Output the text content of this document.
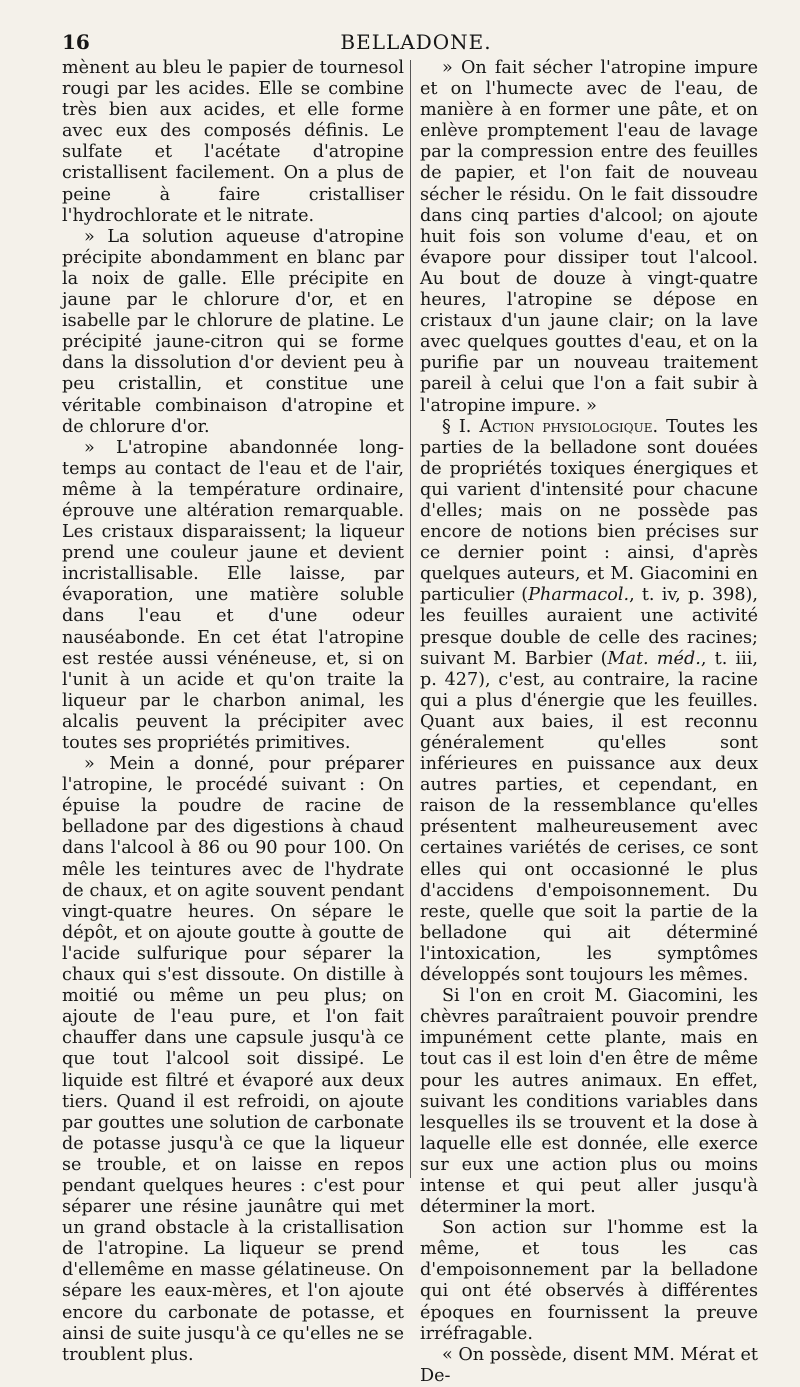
16	BELLADONE.

mènent au bleu le papier de tournesol rougi par les acides. Elle se combine très bien aux acides, et elle forme avec eux des composés définis. Le sulfate et l'acétate d'atropine cristallisent facilement. On a plus de peine à faire cristalliser l'hydrochlorate et le nitrate.

» La solution aqueuse d'atropine précipite abondamment en blanc par la noix de galle. Elle précipite en jaune par le chlorure d'or, et en isabelle par le chlorure de platine. Le précipité jaune-citron qui se forme dans la dissolution d'or devient peu à peu cristallin, et constitue une véritable combinaison d'atropine et de chlorure d'or.

» L'atropine abandonnée long-temps au contact de l'eau et de l'air, même à la température ordinaire, éprouve une altération remarquable. Les cristaux disparaissent; la liqueur prend une couleur jaune et devient incristallisable. Elle laisse, par évaporation, une matière soluble dans l'eau et d'une odeur nauséabonde. En cet état l'atropine est restée aussi vénéneuse, et, si on l'unit à un acide et qu'on traite la liqueur par le charbon animal, les alcalis peuvent la précipiter avec toutes ses propriétés primitives.

» Mein a donné, pour préparer l'atropine, le procédé suivant : On épuise la poudre de racine de belladone par des digestions à chaud dans l'alcool à 86 ou 90 pour 100. On mêle les teintures avec de l'hydrate de chaux, et on agite souvent pendant vingt-quatre heures. On sépare le dépôt, et on ajoute goutte à goutte de l'acide sulfurique pour séparer la chaux qui s'est dissoute. On distille à moitié ou même un peu plus; on ajoute de l'eau pure, et l'on fait chauffer dans une capsule jusqu'à ce que tout l'alcool soit dissipé. Le liquide est filtré et évaporé aux deux tiers. Quand il est refroidi, on ajoute par gouttes une solution de carbonate de potasse jusqu'à ce que la liqueur se trouble, et on laisse en repos pendant quelques heures : c'est pour séparer une résine jaunâtre qui met un grand obstacle à la cristallisation de l'atropine. La liqueur se prend d'ellemême en masse gélatineuse. On sépare les eaux-mères, et l'on ajoute encore du carbonate de potasse, et ainsi de suite jusqu'à ce qu'elles ne se troublent plus.

» On fait sécher l'atropine impure et on l'humecte avec de l'eau, de manière à en former une pâte, et on enlève promptement l'eau de lavage par la compression entre des feuilles de papier, et l'on fait de nouveau sécher le résidu. On le fait dissoudre dans cinq parties d'alcool; on ajoute huit fois son volume d'eau, et on évapore pour dissiper tout l'alcool. Au bout de douze à vingt-quatre heures, l'atropine se dépose en cristaux d'un jaune clair; on la lave avec quelques gouttes d'eau, et on la purifie par un nouveau traitement pareil à celui que l'on a fait subir à l'atropine impure. »

§ I. Action physiologique. Toutes les parties de la belladone sont douées de propriétés toxiques énergiques et qui varient d'intensité pour chacune d'elles; mais on ne possède pas encore de notions bien précises sur ce dernier point : ainsi, d'après quelques auteurs, et M. Giacomini en particulier (Pharmacol., t. iv, p. 398), les feuilles auraient une activité presque double de celle des racines; suivant M. Barbier (Mat. méd., t. iii, p. 427), c'est, au contraire, la racine qui a plus d'énergie que les feuilles. Quant aux baies, il est reconnu généralement qu'elles sont inférieures en puissance aux deux autres parties, et cependant, en raison de la ressemblance qu'elles présentent malheureusement avec certaines variétés de cerises, ce sont elles qui ont occasionné le plus d'accidens d'empoisonnement. Du reste, quelle que soit la partie de la belladone qui ait déterminé l'intoxication, les symptômes développés sont toujours les mêmes.

Si l'on en croit M. Giacomini, les chèvres paraîtraient pouvoir prendre impunément cette plante, mais en tout cas il est loin d'en être de même pour les autres animaux. En effet, suivant les conditions variables dans lesquelles ils se trouvent et la dose à laquelle elle est donnée, elle exerce sur eux une action plus ou moins intense et qui peut aller jusqu'à déterminer la mort.

Son action sur l'homme est la même, et tous les cas d'empoisonnement par la belladone qui ont été observés à différentes époques en fournissent la preuve irréfragable.

« On possède, disent MM. Mérat et De-
